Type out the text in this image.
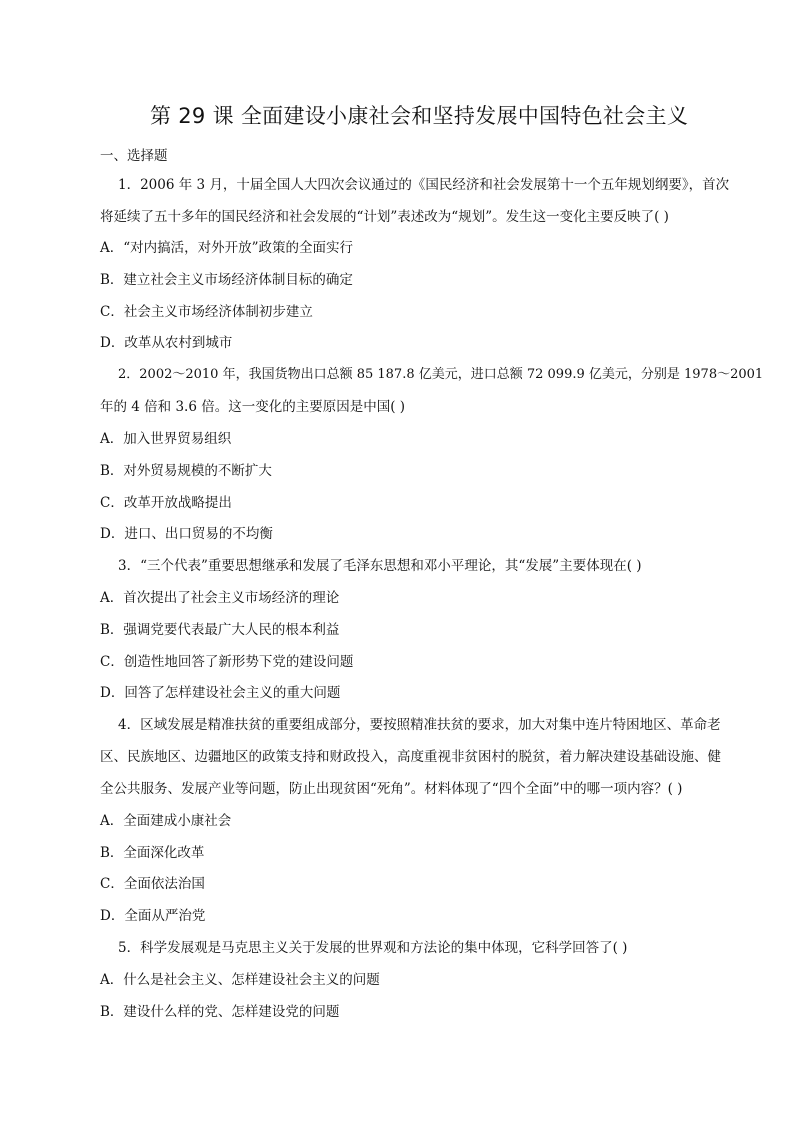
第 29 课 全面建设小康社会和坚持发展中国特色社会主义
一、选择题
1．2006 年 3 月，十届全国人大四次会议通过的《国民经济和社会发展第十一个五年规划纲要》，首次
将延续了五十多年的国民经济和社会发展的“计划”表述改为“规划”。发生这一变化主要反映了( )
A．“对内搞活，对外开放”政策的全面实行
B．建立社会主义市场经济体制目标的确定
C．社会主义市场经济体制初步建立
D．改革从农村到城市
2．2002～2010 年，我国货物出口总额 85 187.8 亿美元，进口总额 72 099.9 亿美元，分别是 1978～2001
年的 4 倍和 3.6 倍。这一变化的主要原因是中国( )
A．加入世界贸易组织
B．对外贸易规模的不断扩大
C．改革开放战略提出
D．进口、出口贸易的不均衡
3．“三个代表”重要思想继承和发展了毛泽东思想和邓小平理论，其“发展”主要体现在( )
A．首次提出了社会主义市场经济的理论
B．强调党要代表最广大人民的根本利益
C．创造性地回答了新形势下党的建设问题
D．回答了怎样建设社会主义的重大问题
4．区域发展是精准扶贫的重要组成部分，要按照精准扶贫的要求，加大对集中连片特困地区、革命老
区、民族地区、边疆地区的政策支持和财政投入，高度重视非贫困村的脱贫，着力解决建设基础设施、健
全公共服务、发展产业等问题，防止出现贫困“死角”。材料体现了“四个全面”中的哪一项内容？( )
A．全面建成小康社会
B．全面深化改革
C．全面依法治国
D．全面从严治党
5．科学发展观是马克思主义关于发展的世界观和方法论的集中体现，它科学回答了( )
A．什么是社会主义、怎样建设社会主义的问题
B．建设什么样的党、怎样建设党的问题
